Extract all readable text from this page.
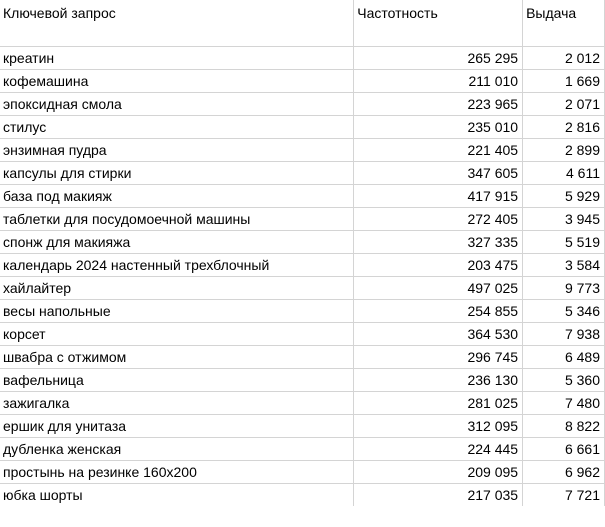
Ключевой запрос	Частотность	Выдача
креатин	265 295	2 012
кофемашина	211 010	1 669
эпоксидная смола	223 965	2 071
стилус	235 010	2 816
энзимная пудра	221 405	2 899
капсулы для стирки	347 605	4 611
база под макияж	417 915	5 929
таблетки для посудомоечной машины	272 405	3 945
спонж для макияжа	327 335	5 519
календарь 2024 настенный трехблочный	203 475	3 584
хайлайтер	497 025	9 773
весы напольные	254 855	5 346
корсет	364 530	7 938
швабра с отжимом	296 745	6 489
вафельница	236 130	5 360
зажигалка	281 025	7 480
ершик для унитаза	312 095	8 822
дубленка женская	224 445	6 661
простынь на резинке 160х200	209 095	6 962
юбка шорты	217 035	7 721
